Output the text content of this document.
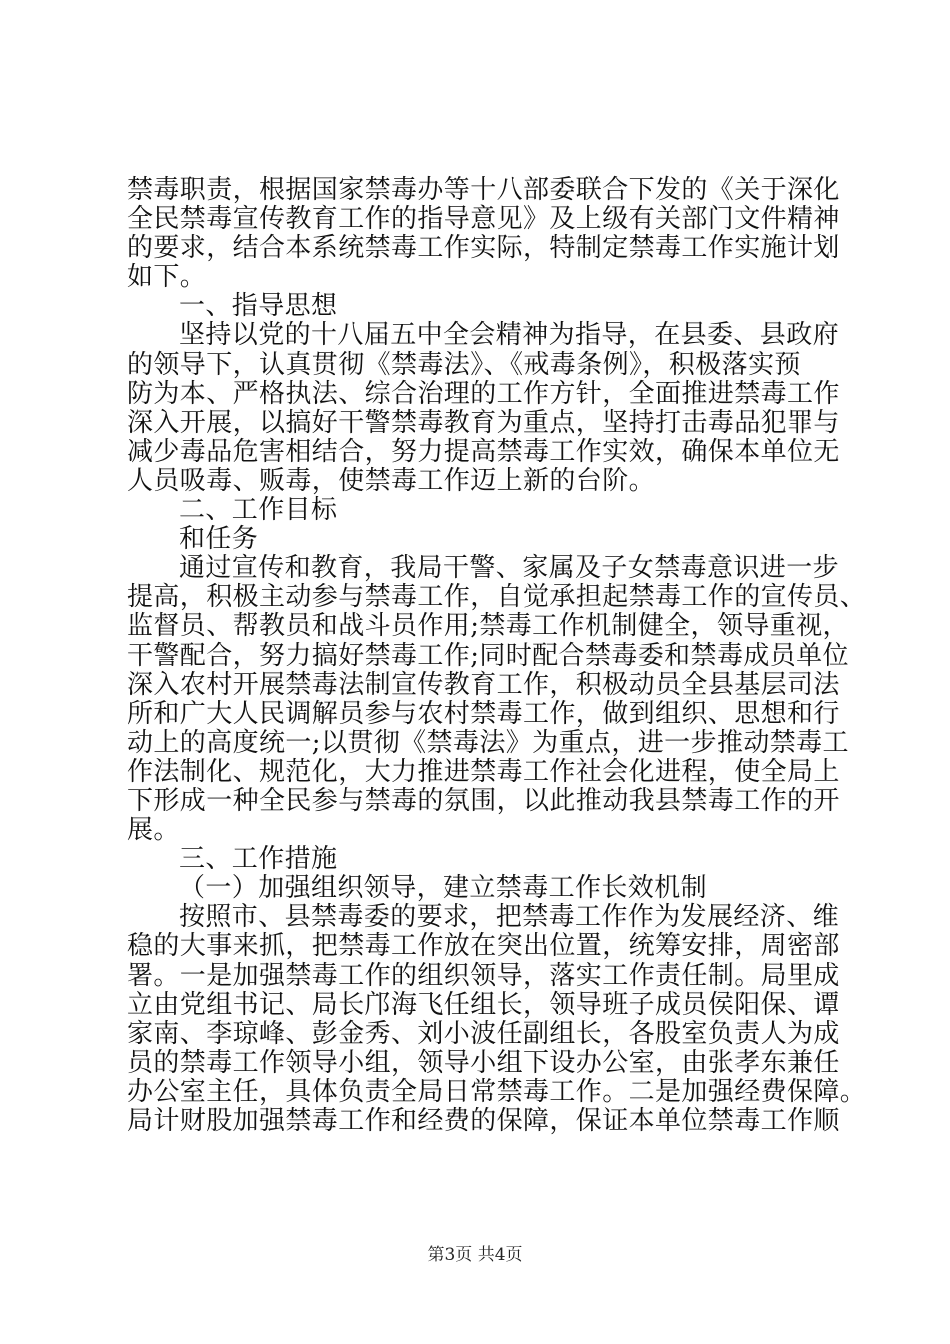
禁毒职责，根据国家禁毒办等十八部委联合下发的《关于深化
全民禁毒宣传教育工作的指导意见》及上级有关部门文件精神
的要求，结合本系统禁毒工作实际，特制定禁毒工作实施计划
如下。
一、指导思想
坚持以党的十八届五中全会精神为指导，在县委、县政府
的领导下，认真贯彻《禁毒法》、《戒毒条例》，积极落实预
防为本、严格执法、综合治理的工作方针，全面推进禁毒工作
深入开展，以搞好干警禁毒教育为重点，坚持打击毒品犯罪与
减少毒品危害相结合，努力提高禁毒工作实效，确保本单位无
人员吸毒、贩毒，使禁毒工作迈上新的台阶。
二、工作目标
和任务
通过宣传和教育，我局干警、家属及子女禁毒意识进一步
提高，积极主动参与禁毒工作，自觉承担起禁毒工作的宣传员、
监督员、帮教员和战斗员作用;禁毒工作机制健全，领导重视，
干警配合，努力搞好禁毒工作;同时配合禁毒委和禁毒成员单位
深入农村开展禁毒法制宣传教育工作，积极动员全县基层司法
所和广大人民调解员参与农村禁毒工作，做到组织、思想和行
动上的高度统一;以贯彻《禁毒法》为重点，进一步推动禁毒工
作法制化、规范化，大力推进禁毒工作社会化进程，使全局上
下形成一种全民参与禁毒的氛围，以此推动我县禁毒工作的开
展。
三、工作措施
（一）加强组织领导，建立禁毒工作长效机制
按照市、县禁毒委的要求，把禁毒工作作为发展经济、维
稳的大事来抓，把禁毒工作放在突出位置，统筹安排，周密部
署。一是加强禁毒工作的组织领导，落实工作责任制。局里成
立由党组书记、局长邝海飞任组长，领导班子成员侯阳保、谭
家南、李琼峰、彭金秀、刘小波任副组长，各股室负责人为成
员的禁毒工作领导小组，领导小组下设办公室，由张孝东兼任
办公室主任，具体负责全局日常禁毒工作。二是加强经费保障。
局计财股加强禁毒工作和经费的保障，保证本单位禁毒工作顺
第3页 共4页
